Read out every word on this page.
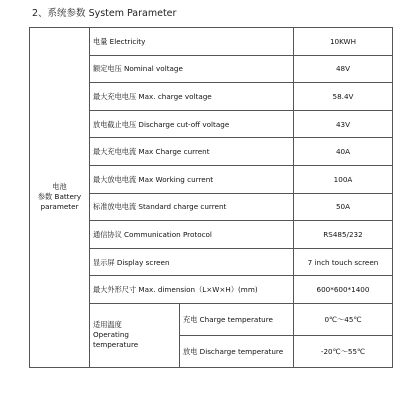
2、系统参数 System Parameter
电池
参数 Battery
parameter	电量 Electricity		10KWH
	额定电压 Nominal voltage		48V
	最大充电电压 Max. charge voltage		58.4V
	放电截止电压 Discharge cut-off voltage		43V
	最大充电电流 Max Charge current		40A
	最大放电电流 Max Working current		100A
	标准放电电流 Standard charge current		50A
	通信协议 Communication Protocol		RS485/232
	显示屏 Display screen		7 inch touch screen
	最大外形尺寸 Max. dimension（L×W×H）(mm)		600*600*1400

	适用温度
Operating
temperature	充电 Charge temperature	0℃～45℃
		放电 Discharge temperature	-20℃～55℃
